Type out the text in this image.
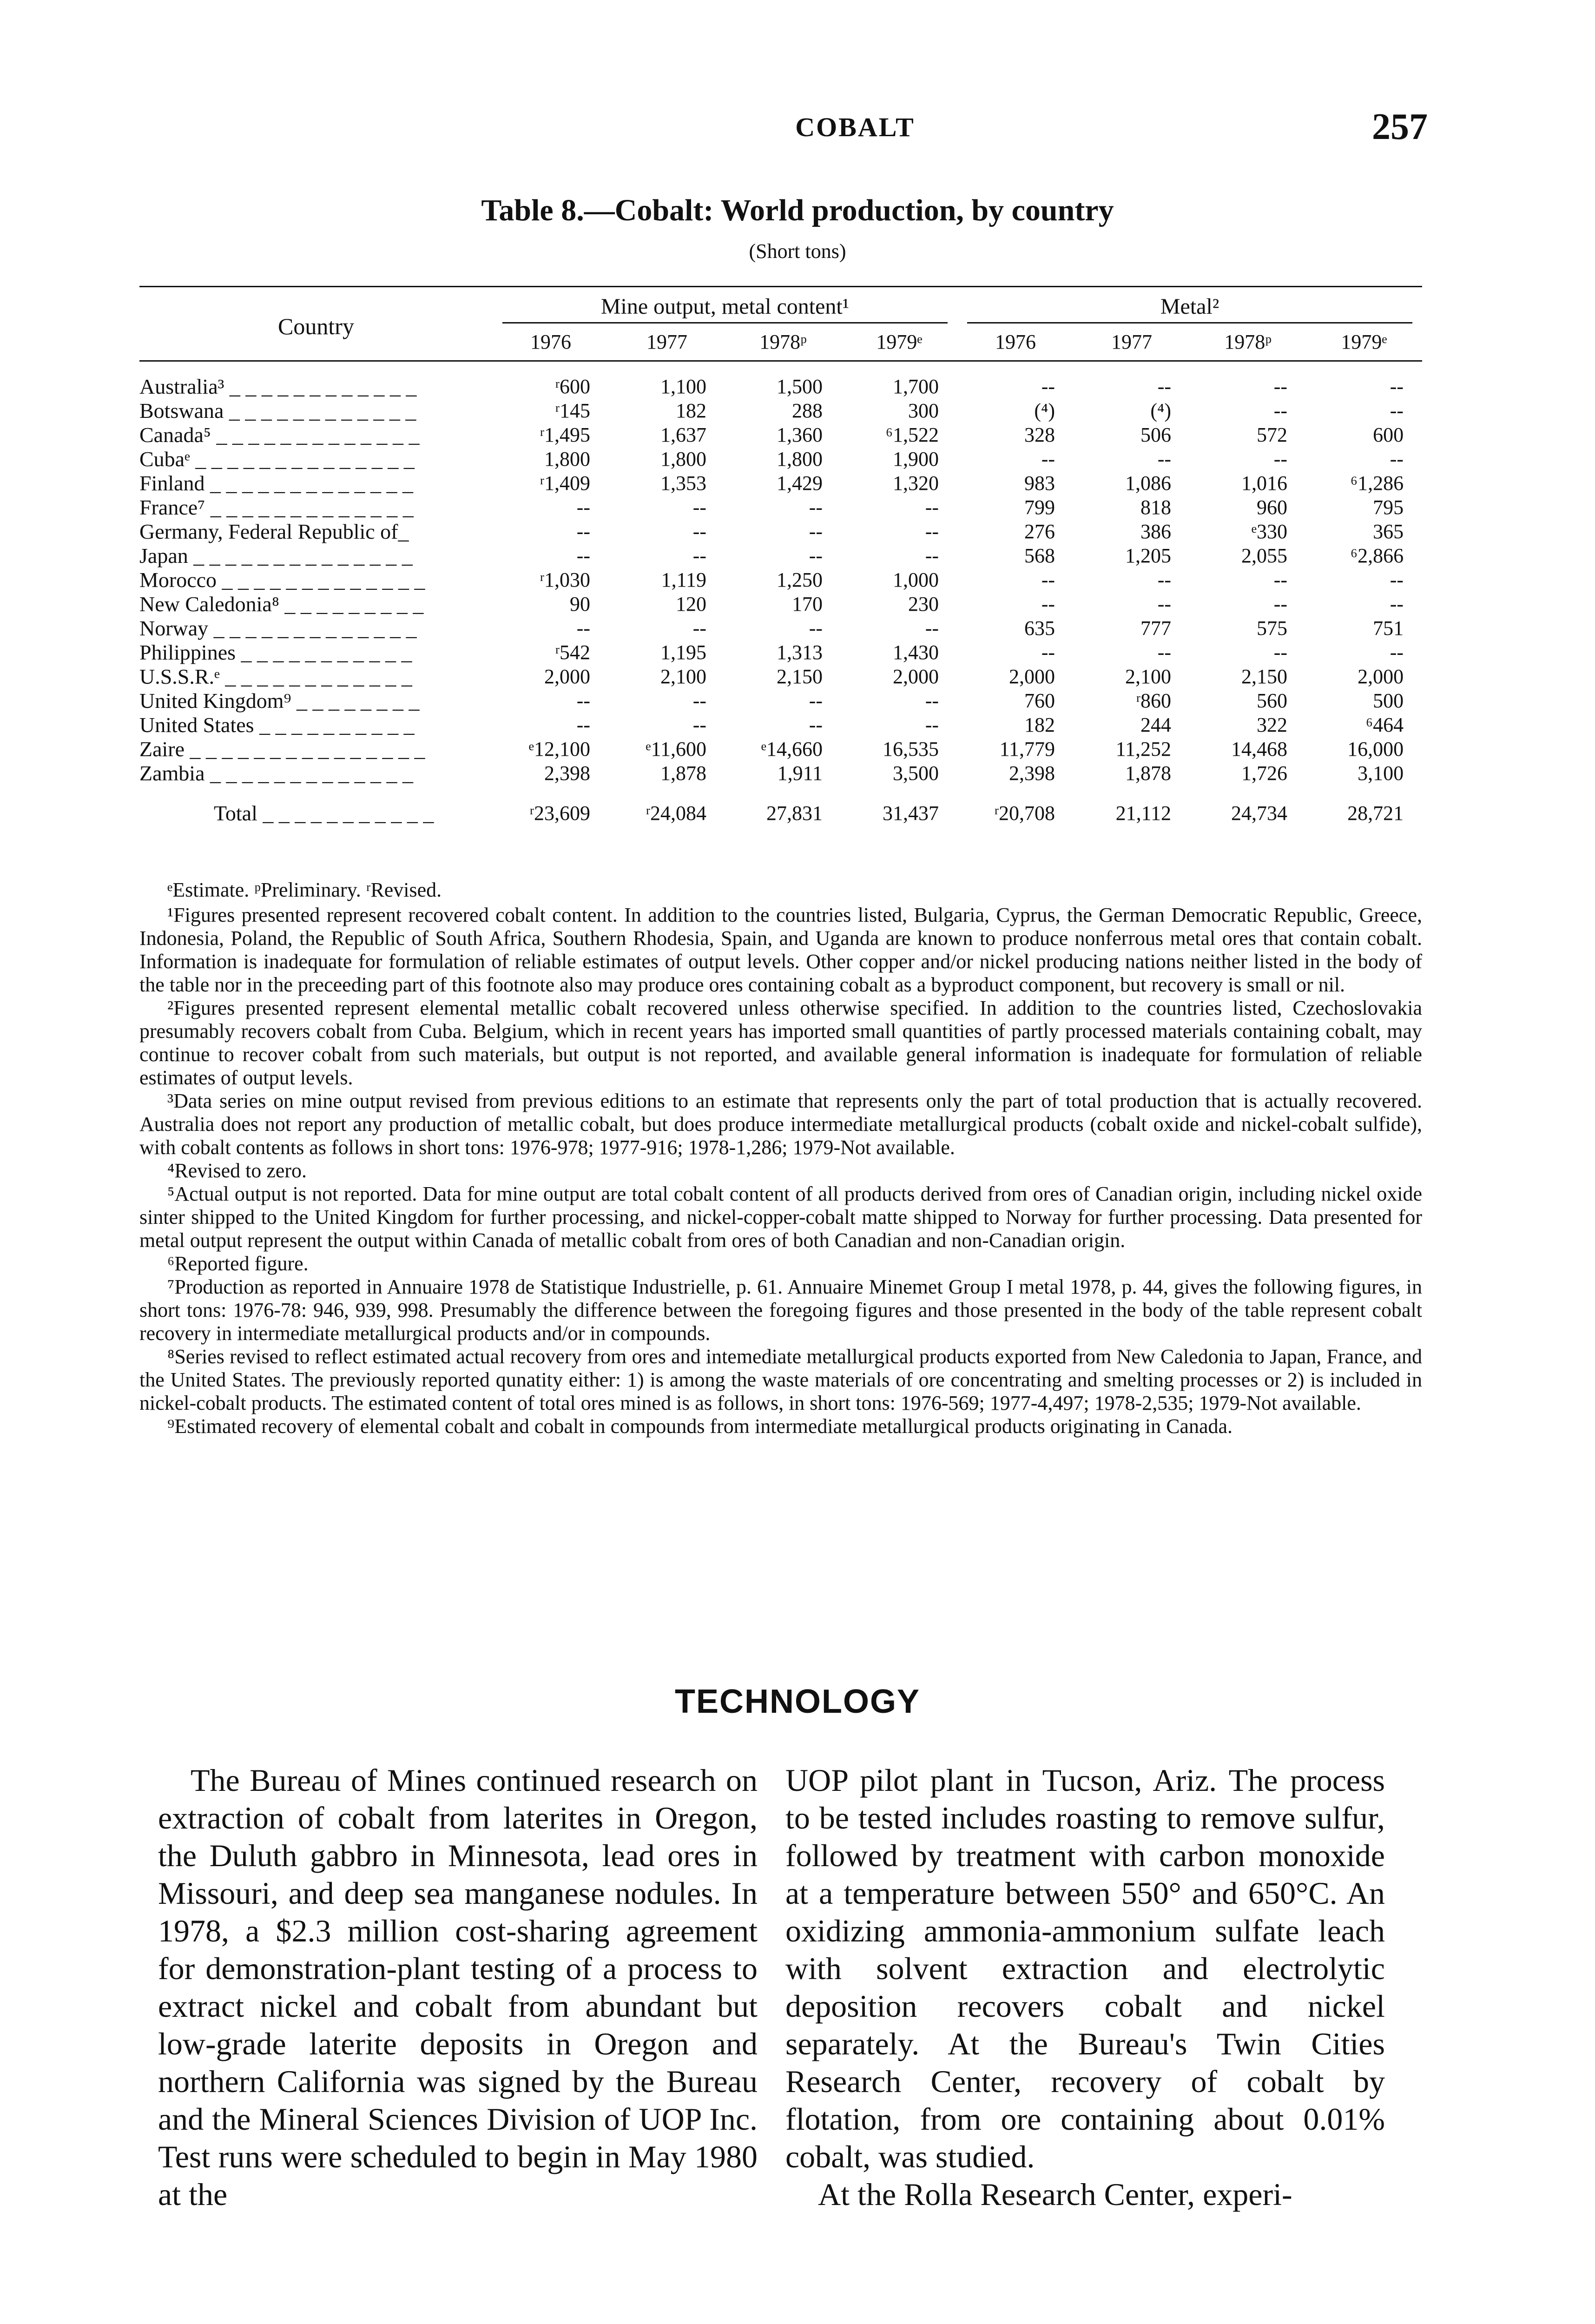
COBALT	257
Table 8.—Cobalt: World production, by country
(Short tons)
Country	Mine output, metal content¹				Metal²			
	1976	1977	1978ᵖ	1979ᵉ	1976	1977	1978ᵖ	1979ᵉ
Australia³ _ _ _ _ _ _ _ _ _ _ _ _	ʳ600	1,100	1,500	1,700	--	--	--	--
Botswana _ _ _ _ _ _ _ _ _ _ _ _	ʳ145	182	288	300	(⁴)	(⁴)	--	--
Canada⁵ _ _ _ _ _ _ _ _ _ _ _ _ _	ʳ1,495	1,637	1,360	⁶1,522	328	506	572	600
Cubaᵉ _ _ _ _ _ _ _ _ _ _ _ _ _ _	1,800	1,800	1,800	1,900	--	--	--	--
Finland _ _ _ _ _ _ _ _ _ _ _ _ _	ʳ1,409	1,353	1,429	1,320	983	1,086	1,016	⁶1,286
France⁷ _ _ _ _ _ _ _ _ _ _ _ _ _	--	--	--	--	799	818	960	795
Germany, Federal Republic of_	--	--	--	--	276	386	ᵉ330	365
Japan _ _ _ _ _ _ _ _ _ _ _ _ _ _	--	--	--	--	568	1,205	2,055	⁶2,866
Morocco _ _ _ _ _ _ _ _ _ _ _ _ _	ʳ1,030	1,119	1,250	1,000	--	--	--	--
New Caledonia⁸ _ _ _ _ _ _ _ _ _	90	120	170	230	--	--	--	--
Norway _ _ _ _ _ _ _ _ _ _ _ _ _	--	--	--	--	635	777	575	751
Philippines _ _ _ _ _ _ _ _ _ _ _	ʳ542	1,195	1,313	1,430	--	--	--	--
U.S.S.R.ᵉ _ _ _ _ _ _ _ _ _ _ _ _	2,000	2,100	2,150	2,000	2,000	2,100	2,150	2,000
United Kingdom⁹ _ _ _ _ _ _ _ _	--	--	--	--	760	ʳ860	560	500
United States _ _ _ _ _ _ _ _ _ _	--	--	--	--	182	244	322	⁶464
Zaire _ _ _ _ _ _ _ _ _ _ _ _ _ _ _	ᵉ12,100	ᵉ11,600	ᵉ14,660	16,535	11,779	11,252	14,468	16,000
Zambia _ _ _ _ _ _ _ _ _ _ _ _ _	2,398	1,878	1,911	3,500	2,398	1,878	1,726	3,100
Total _ _ _ _ _ _ _ _ _ _ _	ʳ23,609	ʳ24,084	27,831	31,437	ʳ20,708	21,112	24,734	28,721

ᵉEstimate. ᵖPreliminary. ʳRevised.

¹Figures presented represent recovered cobalt content. In addition to the countries listed, Bulgaria, Cyprus, the German Democratic Republic, Greece, Indonesia, Poland, the Republic of South Africa, Southern Rhodesia, Spain, and Uganda are known to produce nonferrous metal ores that contain cobalt. Information is inadequate for formulation of reliable estimates of output levels. Other copper and/or nickel producing nations neither listed in the body of the table nor in the preceeding part of this footnote also may produce ores containing cobalt as a byproduct component, but recovery is small or nil.

²Figures presented represent elemental metallic cobalt recovered unless otherwise specified. In addition to the countries listed, Czechoslovakia presumably recovers cobalt from Cuba. Belgium, which in recent years has imported small quantities of partly processed materials containing cobalt, may continue to recover cobalt from such materials, but output is not reported, and available general information is inadequate for formulation of reliable estimates of output levels.

³Data series on mine output revised from previous editions to an estimate that represents only the part of total production that is actually recovered. Australia does not report any production of metallic cobalt, but does produce intermediate metallurgical products (cobalt oxide and nickel-cobalt sulfide), with cobalt contents as follows in short tons: 1976-978; 1977-916; 1978-1,286; 1979-Not available.

⁴Revised to zero.

⁵Actual output is not reported. Data for mine output are total cobalt content of all products derived from ores of Canadian origin, including nickel oxide sinter shipped to the United Kingdom for further processing, and nickel-copper-cobalt matte shipped to Norway for further processing. Data presented for metal output represent the output within Canada of metallic cobalt from ores of both Canadian and non-Canadian origin.

⁶Reported figure.

⁷Production as reported in Annuaire 1978 de Statistique Industrielle, p. 61. Annuaire Minemet Group I metal 1978, p. 44, gives the following figures, in short tons: 1976-78: 946, 939, 998. Presumably the difference between the foregoing figures and those presented in the body of the table represent cobalt recovery in intermediate metallurgical products and/or in compounds.

⁸Series revised to reflect estimated actual recovery from ores and intemediate metallurgical products exported from New Caledonia to Japan, France, and the United States. The previously reported qunatity either: 1) is among the waste materials of ore concentrating and smelting processes or 2) is included in nickel-cobalt products. The estimated content of total ores mined is as follows, in short tons: 1976-569; 1977-4,497; 1978-2,535; 1979-Not available.

⁹Estimated recovery of elemental cobalt and cobalt in compounds from intermediate metallurgical products originating in Canada.

TECHNOLOGY

The Bureau of Mines continued research on extraction of cobalt from laterites in Oregon, the Duluth gabbro in Minnesota, lead ores in Missouri, and deep sea manganese nodules. In 1978, a $2.3 million cost-sharing agreement for demonstration-plant testing of a process to extract nickel and cobalt from abundant but low-grade laterite deposits in Oregon and northern California was signed by the Bureau and the Mineral Sciences Division of UOP Inc. Test runs were scheduled to begin in May 1980 at the

UOP pilot plant in Tucson, Ariz. The process to be tested includes roasting to remove sulfur, followed by treatment with carbon monoxide at a temperature between 550° and 650°C. An oxidizing ammonia-ammonium sulfate leach with solvent extraction and electrolytic deposition recovers cobalt and nickel separately. At the Bureau's Twin Cities Research Center, recovery of cobalt by flotation, from ore containing about 0.01% cobalt, was studied.

At the Rolla Research Center, experi-
